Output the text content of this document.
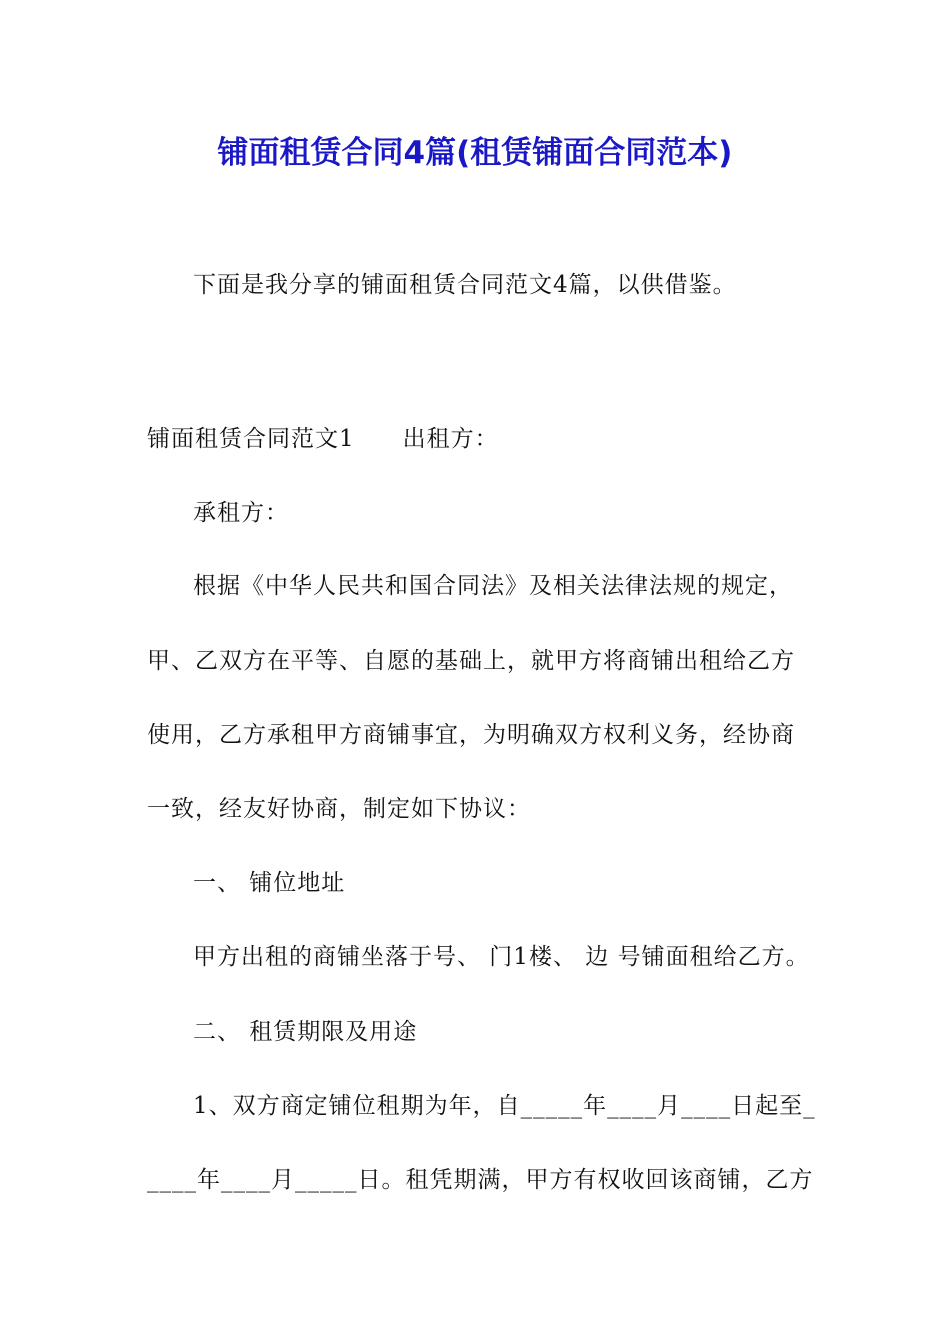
铺面租赁合同4篇(租赁铺面合同范本)
下面是我分享的铺面租赁合同范文4篇，以供借鉴。
铺面租赁合同范文1 出租方：
承租方：
根据《中华人民共和国合同法》及相关法律法规的规定，
甲、乙双方在平等、自愿的基础上，就甲方将商铺出租给乙方
使用，乙方承租甲方商铺事宜，为明确双方权利义务，经协商
一致，经友好协商，制定如下协议：
一、 铺位地址
甲方出租的商铺坐落于号、 门1楼、 边 号铺面租给乙方。
二、 租赁期限及用途
1、双方商定铺位租期为年，自_____年____月____日起至_
____年____月_____日。租凭期满，甲方有权收回该商铺，乙方
